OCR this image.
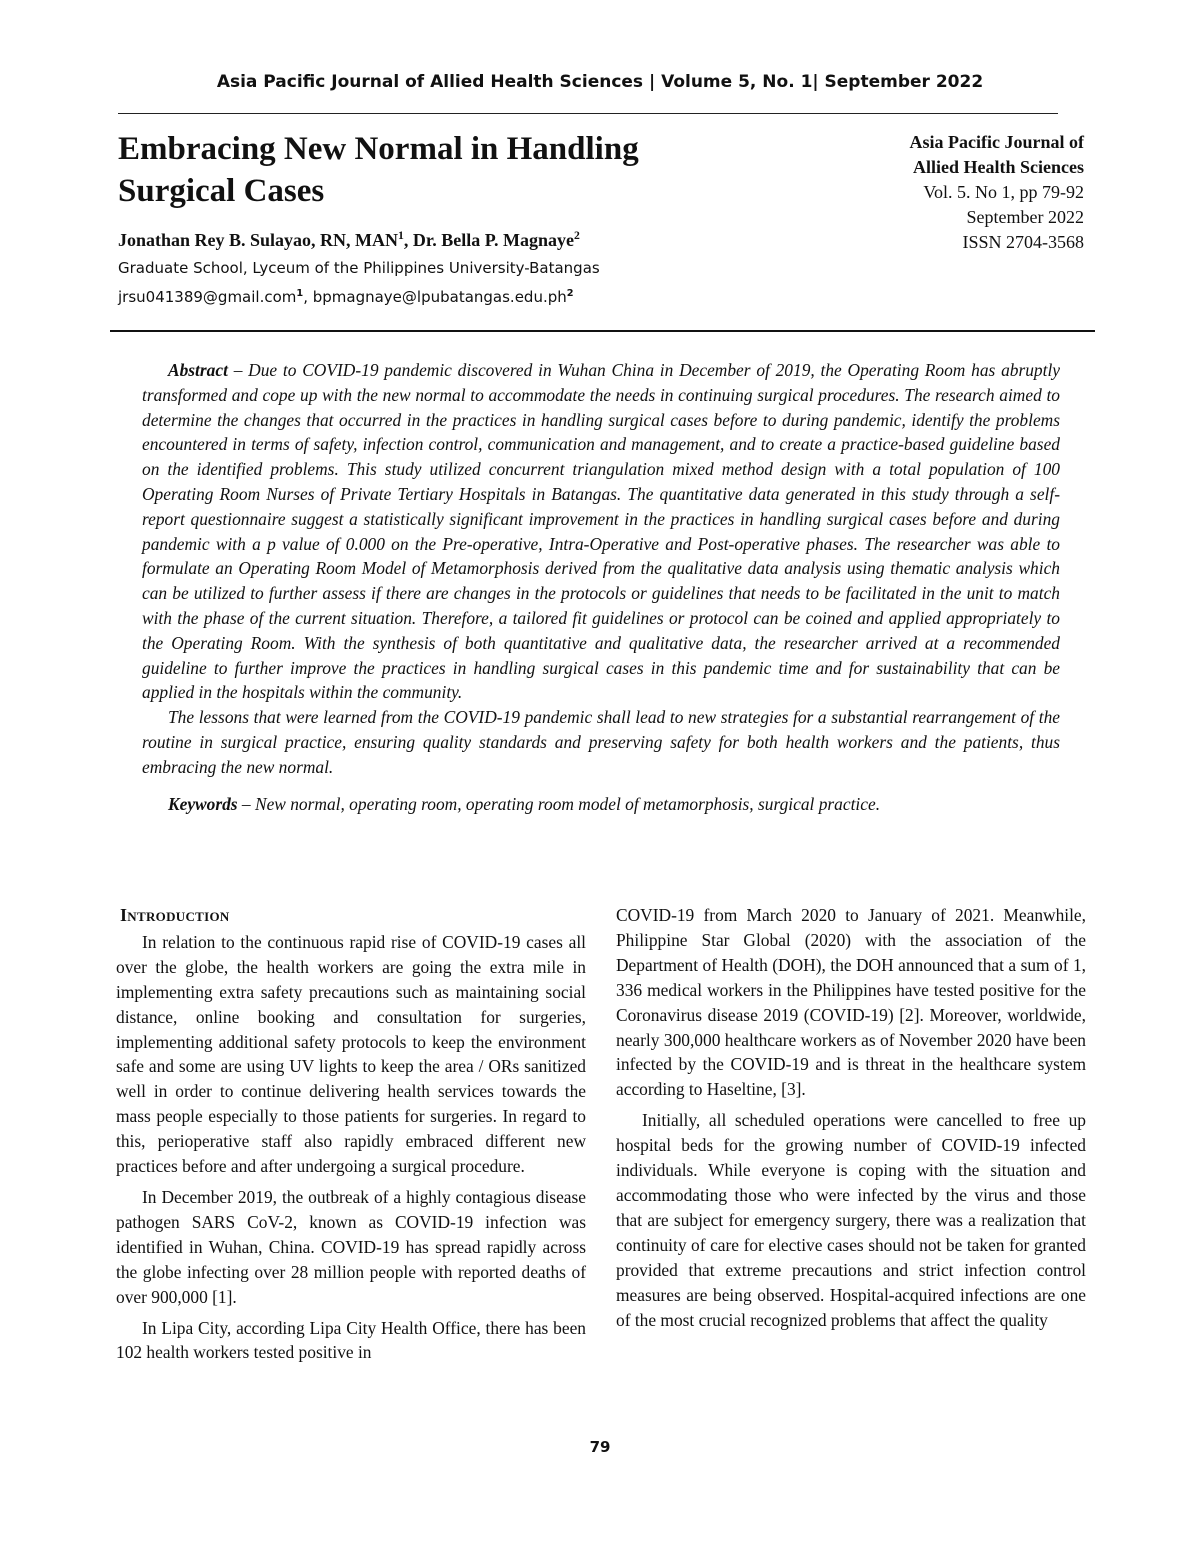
Asia Pacific Journal of Allied Health Sciences | Volume 5, No. 1| September 2022
Embracing New Normal in Handling Surgical Cases
Jonathan Rey B. Sulayao, RN, MAN$^1$, Dr. Bella P. Magnaye$^2$
Graduate School, Lyceum of the Philippines University-Batangas
jrsu041389@gmail.com$^1$, $bpmagnaye@lpubatangas.edu.ph^2$
Asia Pacific Journal of
Allied Health Sciences
Vol. 5. No 1, pp 79-92
September 2022
ISSN 2704-3568

Abstract – Due to COVID-19 pandemic discovered in Wuhan China in December of 2019, the Operating Room has abruptly transformed and cope up with the new normal to accommodate the needs in continuing surgical procedures. The research aimed to determine the changes that occurred in the practices in handling surgical cases before to during pandemic, identify the problems encountered in terms of safety, infection control, communication and management, and to create a practice-based guideline based on the identified problems. This study utilized concurrent triangulation mixed method design with a total population of 100 Operating Room Nurses of Private Tertiary Hospitals in Batangas. The quantitative data generated in this study through a self-report questionnaire suggest a statistically significant improvement in the practices in handling surgical cases before and during pandemic with a p value of 0.000 on the Pre-operative, Intra-Operative and Post-operative phases. The researcher was able to formulate an Operating Room Model of Metamorphosis derived from the qualitative data analysis using thematic analysis which can be utilized to further assess if there are changes in the protocols or guidelines that needs to be facilitated in the unit to match with the phase of the current situation. Therefore, a tailored fit guidelines or protocol can be coined and applied appropriately to the Operating Room. With the synthesis of both quantitative and qualitative data, the researcher arrived at a recommended guideline to further improve the practices in handling surgical cases in this pandemic time and for sustainability that can be applied in the hospitals within the community.

The lessons that were learned from the COVID-19 pandemic shall lead to new strategies for a substantial rearrangement of the routine in surgical practice, ensuring quality standards and preserving safety for both health workers and the patients, thus embracing the new normal.

Keywords – New normal, operating room, operating room model of metamorphosis, surgical practice.

Introduction

In relation to the continuous rapid rise of COVID-19 cases all over the globe, the health workers are going the extra mile in implementing extra safety precautions such as maintaining social distance, online booking and consultation for surgeries, implementing additional safety protocols to keep the environment safe and some are using UV lights to keep the area / ORs sanitized well in order to continue delivering health services towards the mass people especially to those patients for surgeries. In regard to this, perioperative staff also rapidly embraced different new practices before and after undergoing a surgical procedure.

In December 2019, the outbreak of a highly contagious disease pathogen SARS CoV-2, known as COVID-19 infection was identified in Wuhan, China. COVID-19 has spread rapidly across the globe infecting over 28 million people with reported deaths of over 900,000 [1].

In Lipa City, according Lipa City Health Office, there has been 102 health workers tested positive in

COVID-19 from March 2020 to January of 2021. Meanwhile, Philippine Star Global (2020) with the association of the Department of Health (DOH), the DOH announced that a sum of 1, 336 medical workers in the Philippines have tested positive for the Coronavirus disease 2019 (COVID-19) [2]. Moreover, worldwide, nearly 300,000 healthcare workers as of November 2020 have been infected by the COVID-19 and is threat in the healthcare system according to Haseltine, [3].

Initially, all scheduled operations were cancelled to free up hospital beds for the growing number of COVID-19 infected individuals. While everyone is coping with the situation and accommodating those who were infected by the virus and those that are subject for emergency surgery, there was a realization that continuity of care for elective cases should not be taken for granted provided that extreme precautions and strict infection control measures are being observed. Hospital-acquired infections are one of the most crucial recognized problems that affect the quality

79
